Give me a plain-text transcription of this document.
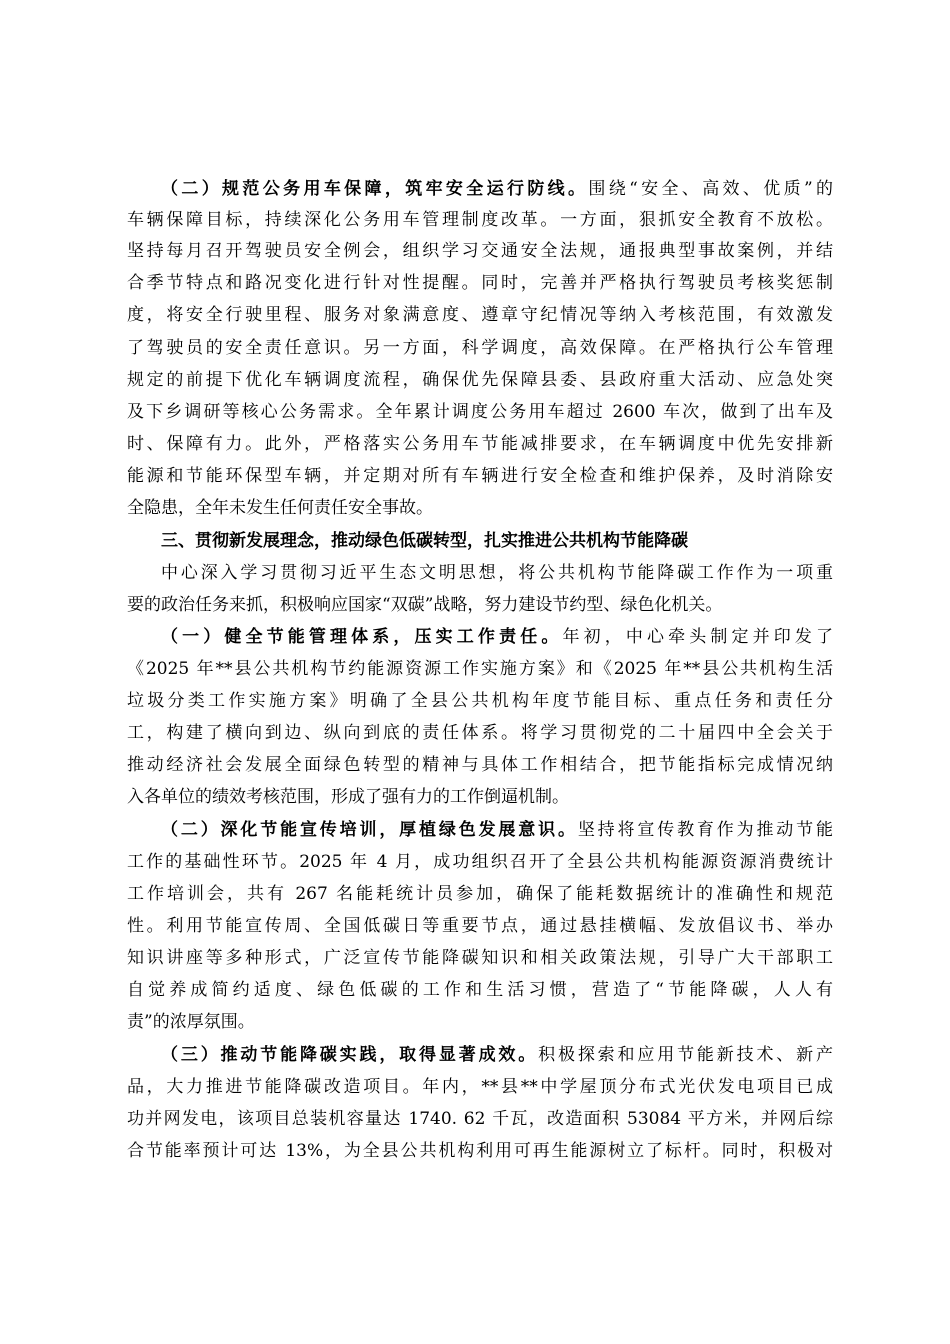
（二）规范公务用车保障，筑牢安全运行防线。围绕“安全、高效、优质”的
车辆保障目标，持续深化公务用车管理制度改革。一方面，狠抓安全教育不放松。
坚持每月召开驾驶员安全例会，组织学习交通安全法规，通报典型事故案例，并结
合季节特点和路况变化进行针对性提醒。同时，完善并严格执行驾驶员考核奖惩制
度，将安全行驶里程、服务对象满意度、遵章守纪情况等纳入考核范围，有效激发
了驾驶员的安全责任意识。另一方面，科学调度，高效保障。在严格执行公车管理
规定的前提下优化车辆调度流程，确保优先保障县委、县政府重大活动、应急处突
及下乡调研等核心公务需求。全年累计调度公务用车超过 2600 车次，做到了出车及
时、保障有力。此外，严格落实公务用车节能减排要求，在车辆调度中优先安排新
能源和节能环保型车辆，并定期对所有车辆进行安全检查和维护保养，及时消除安
全隐患，全年未发生任何责任安全事故。
三、贯彻新发展理念，推动绿色低碳转型，扎实推进公共机构节能降碳
中心深入学习贯彻习近平生态文明思想，将公共机构节能降碳工作作为一项重
要的政治任务来抓，积极响应国家“双碳”战略，努力建设节约型、绿色化机关。
（一）健全节能管理体系，压实工作责任。年初，中心牵头制定并印发了
《2025 年**县公共机构节约能源资源工作实施方案》和《2025 年**县公共机构生活
垃圾分类工作实施方案》明确了全县公共机构年度节能目标、重点任务和责任分
工，构建了横向到边、纵向到底的责任体系。将学习贯彻党的二十届四中全会关于
推动经济社会发展全面绿色转型的精神与具体工作相结合，把节能指标完成情况纳
入各单位的绩效考核范围，形成了强有力的工作倒逼机制。
（二）深化节能宣传培训，厚植绿色发展意识。坚持将宣传教育作为推动节能
工作的基础性环节。2025 年 4 月，成功组织召开了全县公共机构能源资源消费统计
工作培训会，共有 267 名能耗统计员参加，确保了能耗数据统计的准确性和规范
性。利用节能宣传周、全国低碳日等重要节点，通过悬挂横幅、发放倡议书、举办
知识讲座等多种形式，广泛宣传节能降碳知识和相关政策法规，引导广大干部职工
自觉养成简约适度、绿色低碳的工作和生活习惯，营造了“节能降碳，人人有
责”的浓厚氛围。
（三）推动节能降碳实践，取得显著成效。积极探索和应用节能新技术、新产
品，大力推进节能降碳改造项目。年内，**县**中学屋顶分布式光伏发电项目已成
功并网发电，该项目总装机容量达 1740. 62 千瓦，改造面积 53084 平方米，并网后综
合节能率预计可达 13%，为全县公共机构利用可再生能源树立了标杆。同时，积极对
